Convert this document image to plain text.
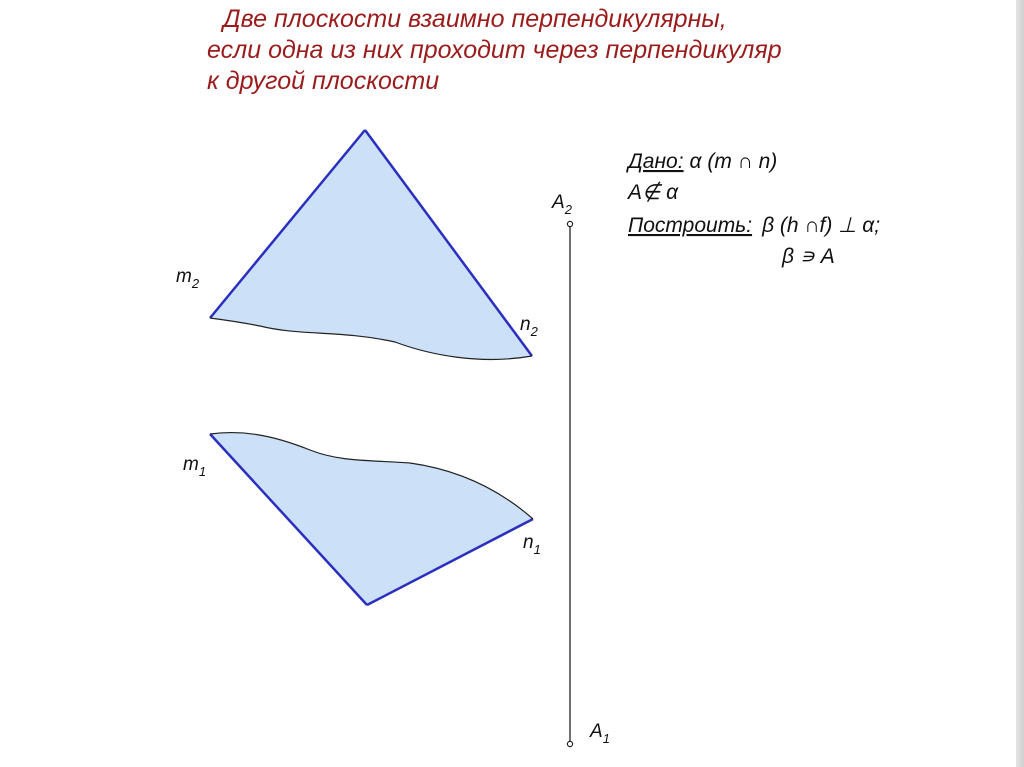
Две плоскости взаимно перпендикулярны,
если одна из них проходит через перпендикуляр
к другой плоскости
$m_2$
$n_2$
$A_2$
$m_1$
$n_1$
$A_1$
Дано: α (m ∩ n)
A∉ α
Построить: β (h ∩f) ⊥ α;
β ∍ A
